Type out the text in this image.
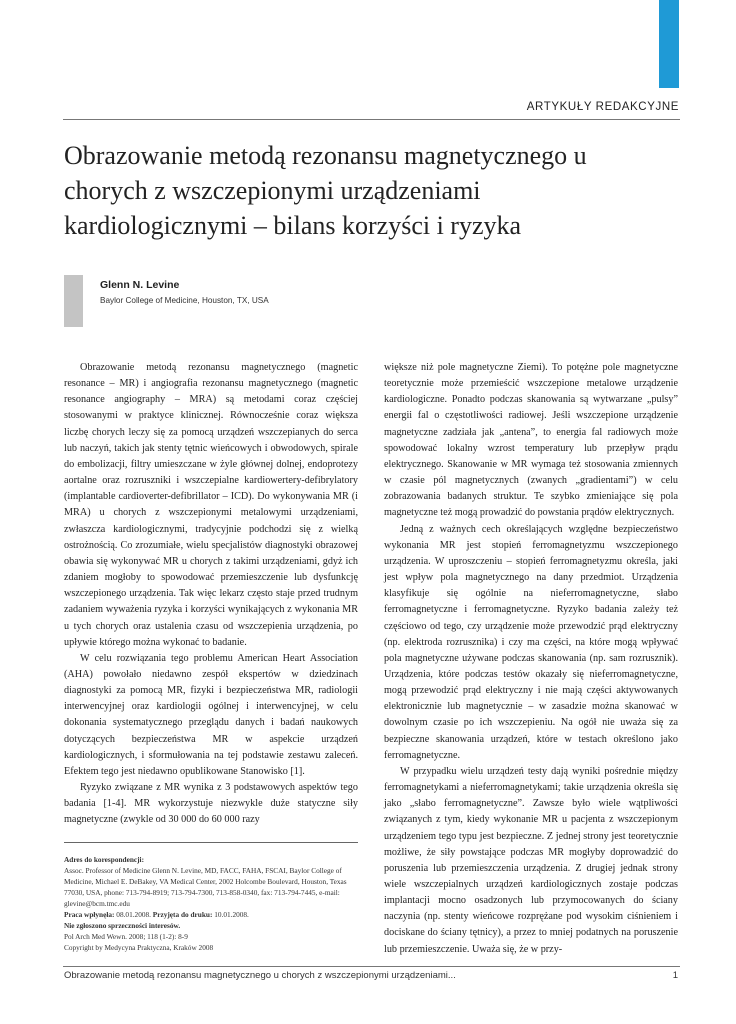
ARTYKUŁY REDAKCYJNE
Obrazowanie metodą rezonansu magnetycznego u chorych z wszczepionymi urządzeniami kardiologicznymi – bilans korzyści i ryzyka
Glenn N. Levine
Baylor College of Medicine, Houston, TX, USA

Obrazowanie metodą rezonansu magnetycznego (magnetic resonance – MR) i angiografia rezonansu magnetycznego (magnetic resonance angiography – MRA) są metodami coraz częściej stosowanymi w praktyce klinicznej. Równocześnie coraz większa liczbę chorych leczy się za pomocą urządzeń wszczepianych do serca lub naczyń, takich jak stenty tętnic wieńcowych i obwodowych, spirale do embolizacji, filtry umieszczane w żyle głównej dolnej, endoprotezy aortalne oraz rozruszniki i wszczepialne kardiowertery-defibrylatory (implantable cardioverter-defibrillator – ICD). Do wykonywania MR (i MRA) u chorych z wszczepionymi metalowymi urządzeniami, zwłaszcza kardiologicznymi, tradycyjnie podchodzi się z wielką ostrożnością. Co zrozumiałe, wielu specjalistów diagnostyki obrazowej obawia się wykonywać MR u chorych z takimi urządzeniami, gdyż ich zdaniem mogłoby to spowodować przemieszczenie lub dysfunkcję wszczepionego urządzenia. Tak więc lekarz często staje przed trudnym zadaniem wyważenia ryzyka i korzyści wynikających z wykonania MR u tych chorych oraz ustalenia czasu od wszczepienia urządzenia, po upływie którego można wykonać to badanie.

W celu rozwiązania tego problemu American Heart Association (AHA) powołało niedawno zespół ekspertów w dziedzinach diagnostyki za pomocą MR, fizyki i bezpieczeństwa MR, radiologii interwencyjnej oraz kardiologii ogólnej i interwencyjnej, w celu dokonania systematycznego przeglądu danych i badań naukowych dotyczących bezpieczeństwa MR w aspekcie urządzeń kardiologicznych, i sformułowania na tej podstawie zestawu zaleceń. Efektem tego jest niedawno opublikowane Stanowisko [1].

Ryzyko związane z MR wynika z 3 podstawowych aspektów tego badania [1-4]. MR wykorzystuje niezwykle duże statyczne siły magnetyczne (zwykle od 30 000 do 60 000 razy

większe niż pole magnetyczne Ziemi). To potężne pole magnetyczne teoretycznie może przemieścić wszczepione metalowe urządzenie kardiologiczne. Ponadto podczas skanowania są wytwarzane „pulsy” energii fal o częstotliwości radiowej. Jeśli wszczepione urządzenie magnetyczne zadziała jak „antena”, to energia fal radiowych może spowodować lokalny wzrost temperatury lub przepływ prądu elektrycznego. Skanowanie w MR wymaga też stosowania zmiennych w czasie pól magnetycznych (zwanych „gradientami”) w celu zobrazowania badanych struktur. Te szybko zmieniające się pola magnetyczne też mogą prowadzić do powstania prądów elektrycznych.

Jedną z ważnych cech określających względne bezpieczeństwo wykonania MR jest stopień ferromagnetyzmu wszczepionego urządzenia. W uproszczeniu – stopień ferromagnetyzmu określa, jaki jest wpływ pola magnetycznego na dany przedmiot. Urządzenia klasyfikuje się ogólnie na nieferromagnetyczne, słabo ferromagnetyczne i ferromagnetyczne. Ryzyko badania zależy też częściowo od tego, czy urządzenie może przewodzić prąd elektryczny (np. elektroda rozrusznika) i czy ma części, na które mogą wpływać pola magnetyczne używane podczas skanowania (np. sam rozrusznik). Urządzenia, które podczas testów okazały się nieferromagnetyczne, mogą przewodzić prąd elektryczny i nie mają części aktywowanych elektronicznie lub magnetycznie – w zasadzie można skanować w dowolnym czasie po ich wszczepieniu. Na ogół nie uważa się za bezpieczne skanowania urządzeń, które w testach określono jako ferromagnetyczne.

W przypadku wielu urządzeń testy dają wyniki pośrednie między ferromagnetykami a nieferromagnetykami; takie urządzenia określa się jako „słabo ferromagnetyczne”. Zawsze było wiele wątpliwości związanych z tym, kiedy wykonanie MR u pacjenta z wszczepionym urządzeniem tego typu jest bezpieczne. Z jednej strony jest teoretycznie możliwe, że siły powstające podczas MR mogłyby doprowadzić do poruszenia lub przemieszczenia urządzenia. Z drugiej jednak strony wiele wszczepialnych urządzeń kardiologicznych zostaje podczas implantacji mocno osadzonych lub przymocowanych do ściany naczynia (np. stenty wieńcowe rozprężane pod wysokim ciśnieniem i dociskane do ściany tętnicy), a przez to mniej podatnych na poruszenie lub przemieszczenie. Uważa się, że w przy-

Adres do korespondencji:
Assoc. Professor of Medicine Glenn N. Levine, MD, FACC, FAHA, FSCAI, Baylor College of Medicine, Michael E. DeBakey, VA Medical Center, 2002 Holcombe Boulevard, Houston, Texas 77030, USA, phone: 713-794-8919; 713-794-7300, 713-858-0340, fax: 713-794-7445, e-mail: glevine@bcm.tmc.edu
Praca wpłynęła: 08.01.2008. Przyjęta do druku: 10.01.2008.
Nie zgłoszono sprzeczności interesów.
Pol Arch Med Wewn. 2008; 118 (1-2): 8-9
Copyright by Medycyna Praktyczna, Kraków 2008
Obrazowanie metodą rezonansu magnetycznego u chorych z wszczepionymi urządzeniami...	1
